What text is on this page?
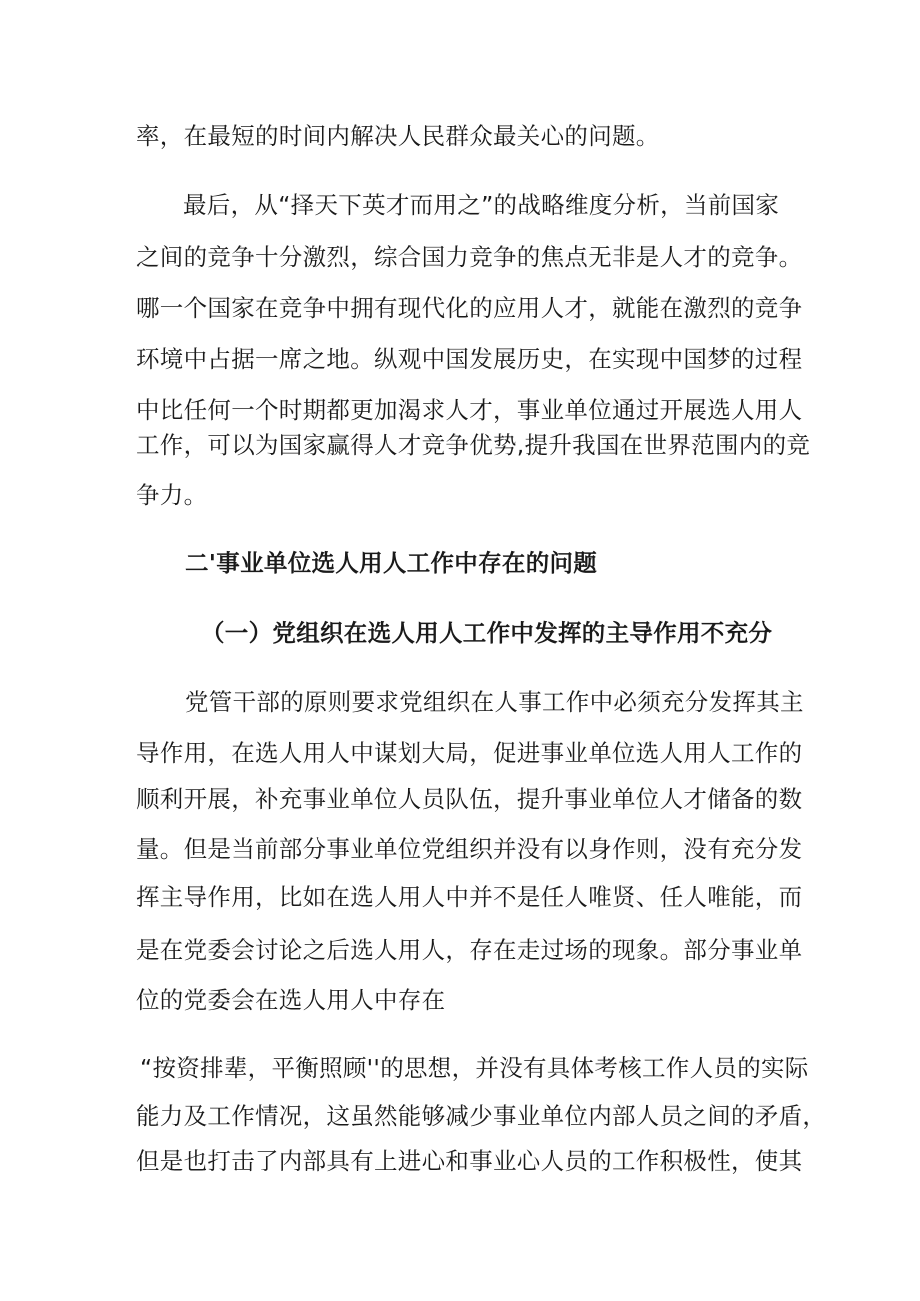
率，在最短的时间内解决人民群众最关心的问题。
最后，从“择天下英才而用之”的战略维度分析，当前国家
之间的竞争十分激烈，综合国力竞争的焦点无非是人才的竞争。
哪一个国家在竞争中拥有现代化的应用人才，就能在激烈的竞争
环境中占据一席之地。纵观中国发展历史，在实现中国梦的过程
中比任何一个时期都更加渴求人才，事业单位通过开展选人用人
工作，可以为国家赢得人才竞争优势,提升我国在世界范围内的竞
争力。
二'事业单位选人用人工作中存在的问题
（一）党组织在选人用人工作中发挥的主导作用不充分
党管干部的原则要求党组织在人事工作中必须充分发挥其主
导作用，在选人用人中谋划大局，促进事业单位选人用人工作的
顺利开展，补充事业单位人员队伍，提升事业单位人才储备的数
量。但是当前部分事业单位党组织并没有以身作则，没有充分发
挥主导作用，比如在选人用人中并不是任人唯贤、任人唯能，而
是在党委会讨论之后选人用人，存在走过场的现象。部分事业单
位的党委会在选人用人中存在
“按资排辈，平衡照顾''的思想，并没有具体考核工作人员的实际
能力及工作情况，这虽然能够减少事业单位内部人员之间的矛盾，
但是也打击了内部具有上进心和事业心人员的工作积极性，使其
